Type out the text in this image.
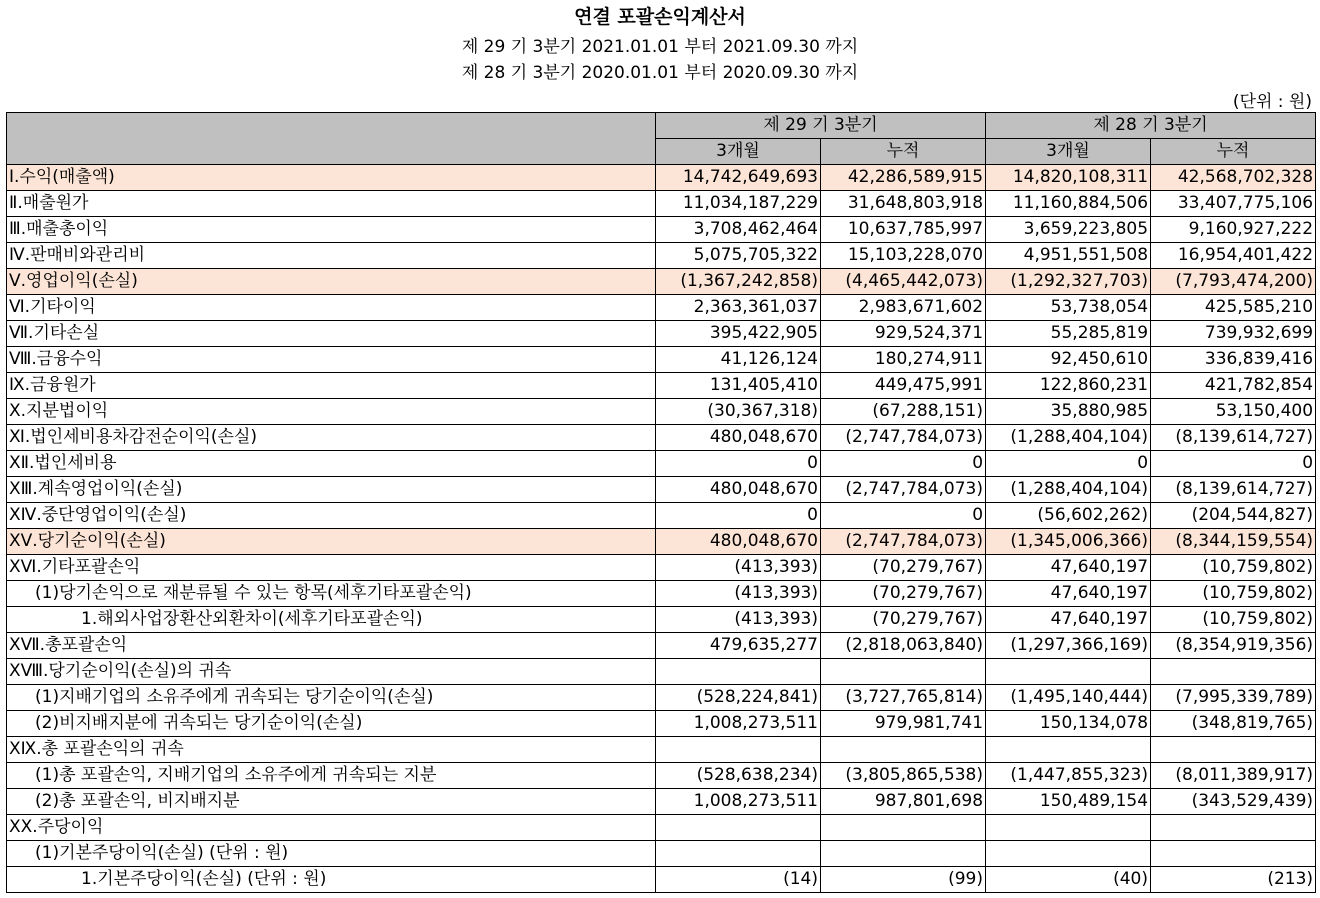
연결 포괄손익계산서
제 29 기 3분기 2021.01.01 부터 2021.09.30 까지
제 28 기 3분기 2020.01.01 부터 2020.09.30 까지
(단위 : 원)
	제 29 기 3분기		제 28 기 3분기	
	3개월	누적	3개월	누적
Ⅰ.수익(매출액)	14,742,649,693	42,286,589,915	14,820,108,311	42,568,702,328
Ⅱ.매출원가	11,034,187,229	31,648,803,918	11,160,884,506	33,407,775,106
Ⅲ.매출총이익	3,708,462,464	10,637,785,997	3,659,223,805	9,160,927,222
Ⅳ.판매비와관리비	5,075,705,322	15,103,228,070	4,951,551,508	16,954,401,422
Ⅴ.영업이익(손실)	(1,367,242,858)	(4,465,442,073)	(1,292,327,703)	(7,793,474,200)
Ⅵ.기타이익	2,363,361,037	2,983,671,602	53,738,054	425,585,210
Ⅶ.기타손실	395,422,905	929,524,371	55,285,819	739,932,699
Ⅷ.금융수익	41,126,124	180,274,911	92,450,610	336,839,416
Ⅸ.금융원가	131,405,410	449,475,991	122,860,231	421,782,854
Ⅹ.지분법이익	(30,367,318)	(67,288,151)	35,880,985	53,150,400
Ⅺ.법인세비용차감전순이익(손실)	480,048,670	(2,747,784,073)	(1,288,404,104)	(8,139,614,727)
XⅡ.법인세비용	0	0	0	0
XⅢ.계속영업이익(손실)	480,048,670	(2,747,784,073)	(1,288,404,104)	(8,139,614,727)
XⅣ.중단영업이익(손실)	0	0	(56,602,262)	(204,544,827)
XⅤ.당기순이익(손실)	480,048,670	(2,747,784,073)	(1,345,006,366)	(8,344,159,554)
XⅥ.기타포괄손익	(413,393)	(70,279,767)	47,640,197	(10,759,802)
(1)당기손익으로 재분류될 수 있는 항목(세후기타포괄손익)	(413,393)	(70,279,767)	47,640,197	(10,759,802)
1.해외사업장환산외환차이(세후기타포괄손익)	(413,393)	(70,279,767)	47,640,197	(10,759,802)
XⅦ.총포괄손익	479,635,277	(2,818,063,840)	(1,297,366,169)	(8,354,919,356)
XⅧ.당기순이익(손실)의 귀속				
(1)지배기업의 소유주에게 귀속되는 당기순이익(손실)	(528,224,841)	(3,727,765,814)	(1,495,140,444)	(7,995,339,789)
(2)비지배지분에 귀속되는 당기순이익(손실)	1,008,273,511	979,981,741	150,134,078	(348,819,765)
XⅨ.총 포괄손익의 귀속				
(1)총 포괄손익, 지배기업의 소유주에게 귀속되는 지분	(528,638,234)	(3,805,865,538)	(1,447,855,323)	(8,011,389,917)
(2)총 포괄손익, 비지배지분	1,008,273,511	987,801,698	150,489,154	(343,529,439)
XX.주당이익				
(1)기본주당이익(손실) (단위 : 원)				
1.기본주당이익(손실) (단위 : 원)	(14)	(99)	(40)	(213)
